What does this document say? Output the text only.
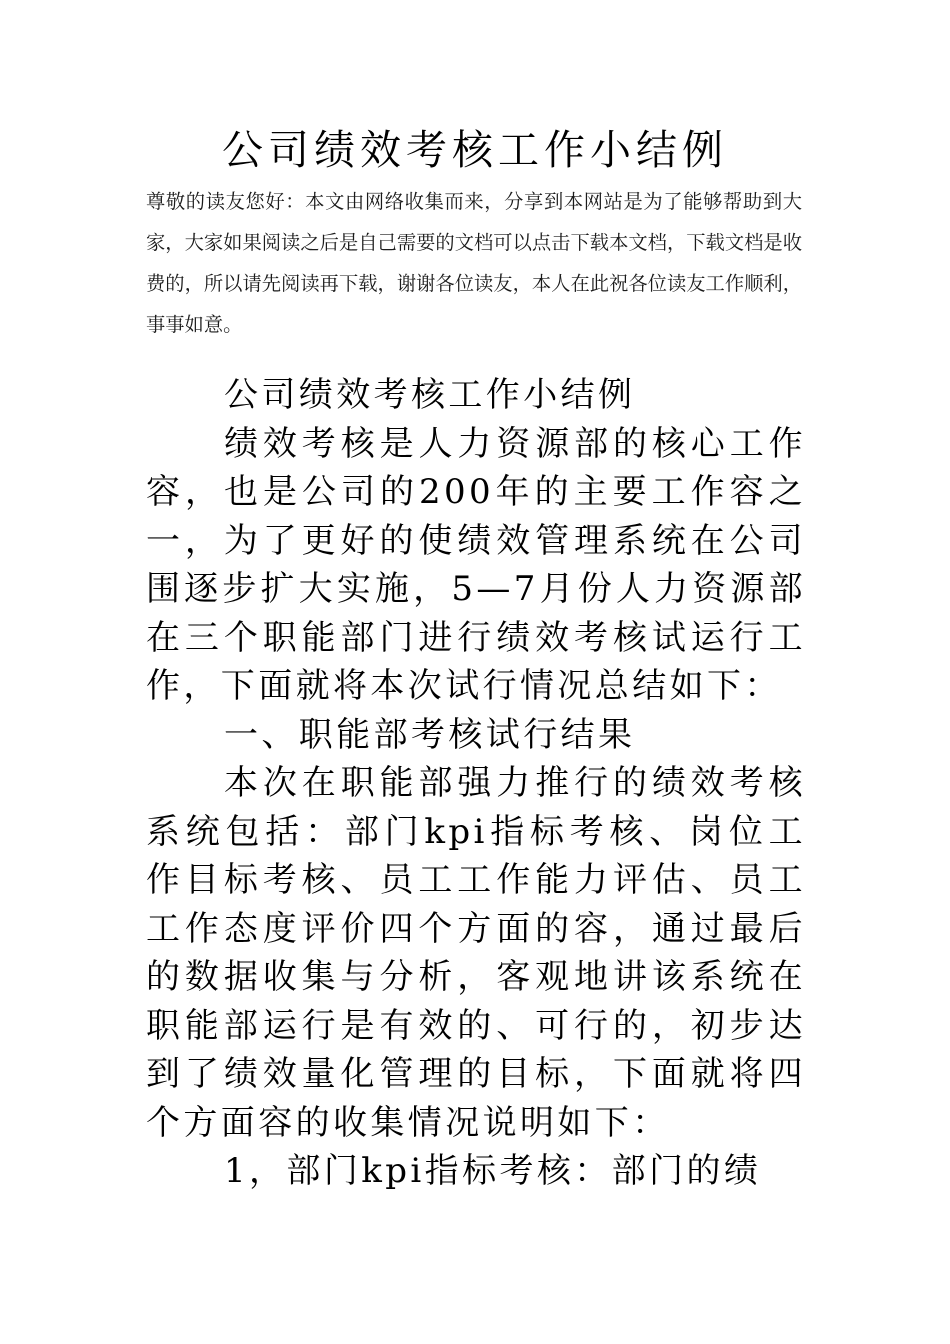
公司绩效考核工作小结例

尊敬的读友您好：本文由网络收集而来，分享到本网站是为了能够帮助到大家，大家如果阅读之后是自己需要的文档可以点击下载本文档，下载文档是收费的，所以请先阅读再下载，谢谢各位读友，本人在此祝各位读友工作顺利，事事如意。

公司绩效考核工作小结例

绩效考核是人力资源部的核心工作容，也是公司的200年的主要工作容之一，为了更好的使绩效管理系统在公司围逐步扩大实施，5—7月份人力资源部在三个职能部门进行绩效考核试运行工作，下面就将本次试行情况总结如下：

一、职能部考核试行结果

本次在职能部强力推行的绩效考核系统包括：部门kpi指标考核、岗位工作目标考核、员工工作能力评估、员工工作态度评价四个方面的容，通过最后的数据收集与分析，客观地讲该系统在职能部运行是有效的、可行的，初步达到了绩效量化管理的目标，下面就将四个方面容的收集情况说明如下：

1，部门kpi指标考核：部门的绩
